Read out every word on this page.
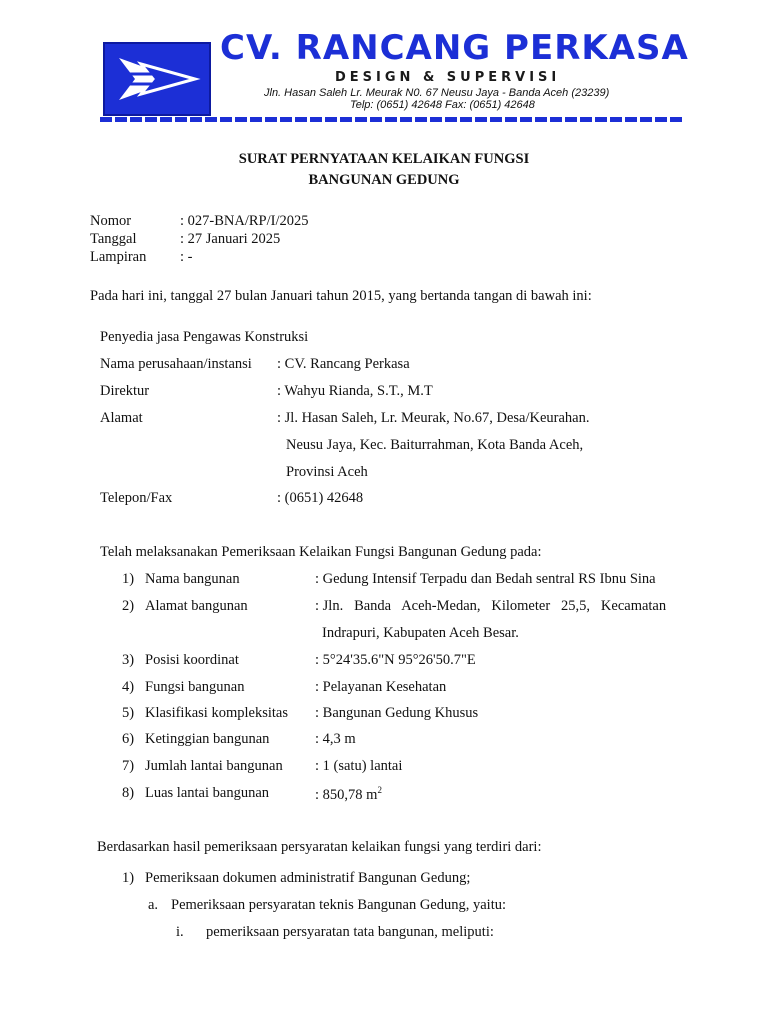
CV. RANCANG PERKASA
DESIGN & SUPERVISI
Jln. Hasan Saleh Lr. Meurak N0. 67 Neusu Jaya - Banda Aceh (23239)
Telp: (0651) 42648 Fax: (0651) 42648
SURAT PERNYATAAN KELAIKAN FUNGSI
BANGUNAN GEDUNG
Nomor	: 027-BNA/RP/I/2025
Tanggal	: 27 Januari 2025
Lampiran : -
Pada hari ini, tanggal 27 bulan Januari tahun 2015, yang bertanda tangan di bawah ini:
Penyedia jasa Pengawas Konstruksi
Nama perusahaan/instansi : CV. Rancang Perkasa
Direktur	: Wahyu Rianda, S.T., M.T
Alamat	: Jl. Hasan Saleh, Lr. Meurak, No.67, Desa/Keurahan.
Neusu Jaya, Kec. Baiturrahman, Kota Banda Aceh,
Provinsi Aceh
Telepon/Fax	: (0651) 42648
Telah melaksanakan Pemeriksaan Kelaikan Fungsi Bangunan Gedung pada:
1) Nama bangunan	: Gedung Intensif Terpadu dan Bedah sentral RS Ibnu Sina
2) Alamat bangunan	: Jln.   Banda   Aceh-Medan,   Kilometer   25,5,   Kecamatan
Indrapuri, Kabupaten Aceh Besar.
3) Posisi koordinat	: 5°24'35.6"N 95°26'50.7"E
4) Fungsi bangunan	: Pelayanan Kesehatan
5) Klasifikasi kompleksitas : Bangunan Gedung Khusus
6) Ketinggian bangunan	: 4,3 m
7) Jumlah lantai bangunan : 1 (satu) lantai
8) Luas lantai bangunan	: 850,78 $m^2$
Berdasarkan hasil pemeriksaan persyaratan kelaikan fungsi yang terdiri dari:
1) Pemeriksaan dokumen administratif Bangunan Gedung;
a. Pemeriksaan persyaratan teknis Bangunan Gedung, yaitu:
i. pemeriksaan persyaratan tata bangunan, meliputi:
